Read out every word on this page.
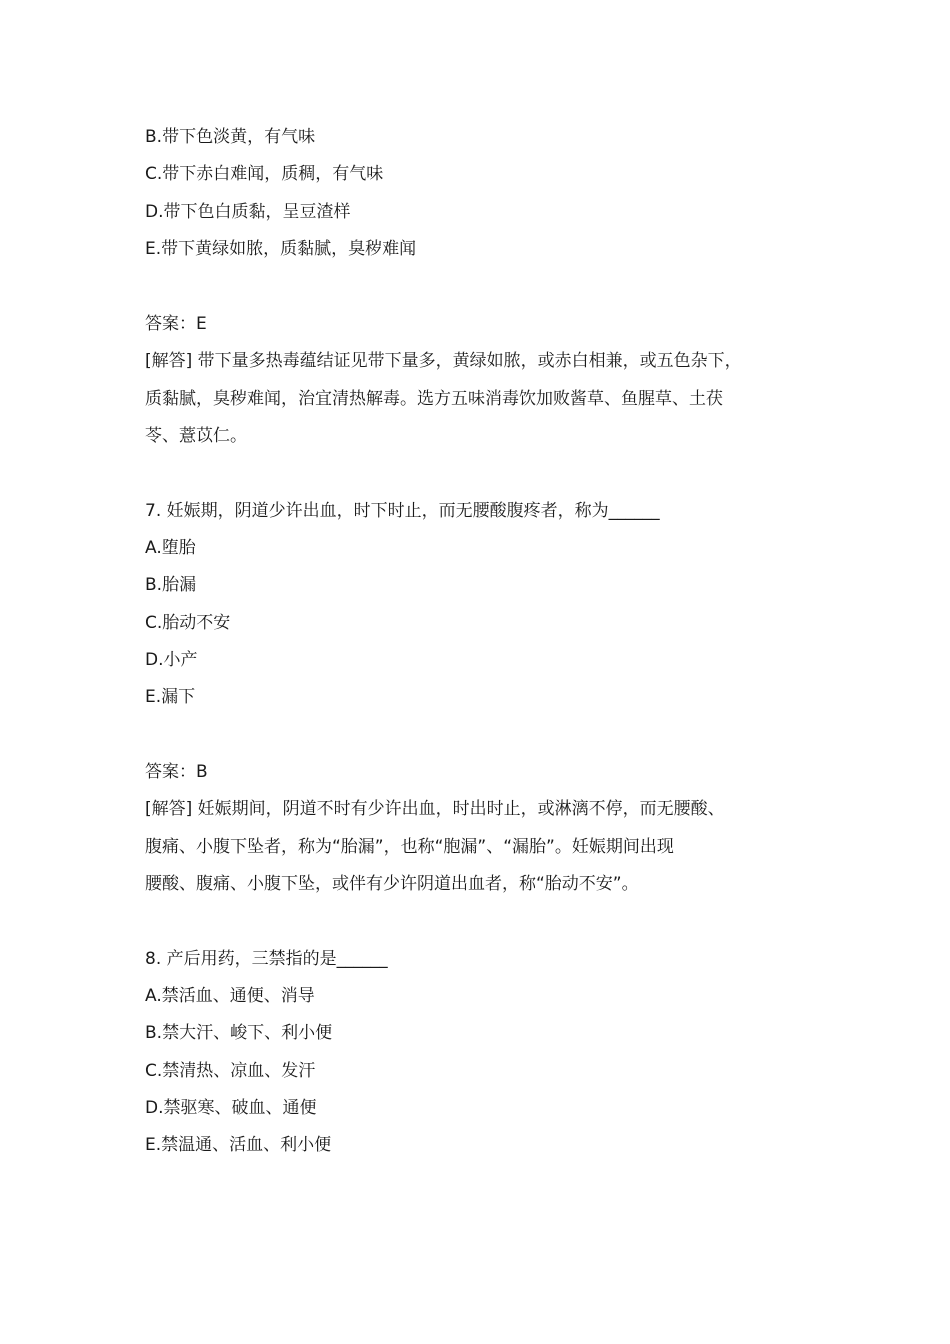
B.带下色淡黄，有气味
C.带下赤白难闻，质稠，有气味
D.带下色白质黏，呈豆渣样
E.带下黄绿如脓，质黏腻，臭秽难闻
答案：E
[解答] 带下量多热毒蕴结证见带下量多，黄绿如脓，或赤白相兼，或五色杂下，
质黏腻，臭秽难闻，治宜清热解毒。选方五味消毒饮加败酱草、鱼腥草、土茯
苓、薏苡仁。
7. 妊娠期，阴道少许出血，时下时止，而无腰酸腹疼者，称为______
A.堕胎
B.胎漏
C.胎动不安
D.小产
E.漏下
答案：B
[解答] 妊娠期间，阴道不时有少许出血，时出时止，或淋漓不停，而无腰酸、
腹痛、小腹下坠者，称为“胎漏”，也称“胞漏”、“漏胎”。妊娠期间出现
腰酸、腹痛、小腹下坠，或伴有少许阴道出血者，称“胎动不安”。
8. 产后用药，三禁指的是______
A.禁活血、通便、消导
B.禁大汗、峻下、利小便
C.禁清热、凉血、发汗
D.禁驱寒、破血、通便
E.禁温通、活血、利小便
